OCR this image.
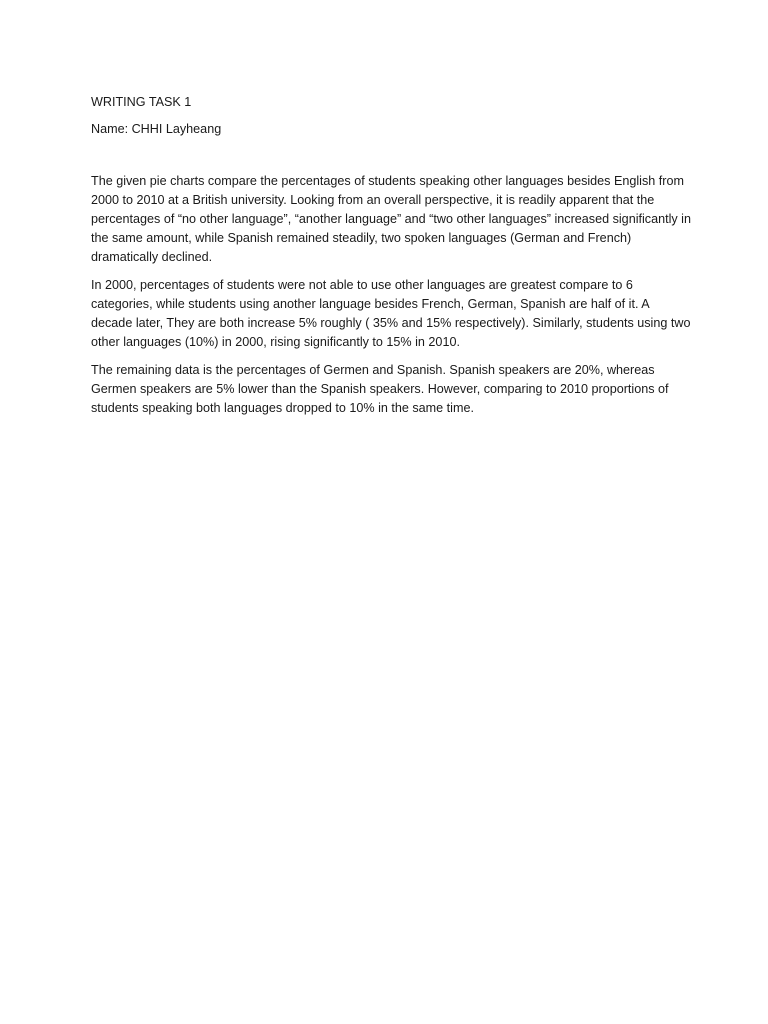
WRITING TASK 1

Name: CHHI Layheang

The given pie charts compare the percentages of students speaking other languages besides English from 2000 to 2010 at a British university. Looking from an overall perspective, it is readily apparent that the percentages of “no other language”, “another language” and “two other languages” increased significantly in the same amount, while Spanish remained steadily, two spoken languages (German and French) dramatically declined.

In 2000, percentages of students were not able to use other languages are greatest compare to 6 categories, while students using another language besides French, German, Spanish are half of it. A decade later, They are both increase 5% roughly ( 35% and 15% respectively). Similarly, students using two other languages (10%) in 2000, rising significantly to 15% in 2010.

The remaining data is the percentages of Germen and Spanish. Spanish speakers are 20%, whereas Germen speakers are 5% lower than the Spanish speakers. However, comparing to 2010 proportions of students speaking both languages dropped to 10% in the same time.
